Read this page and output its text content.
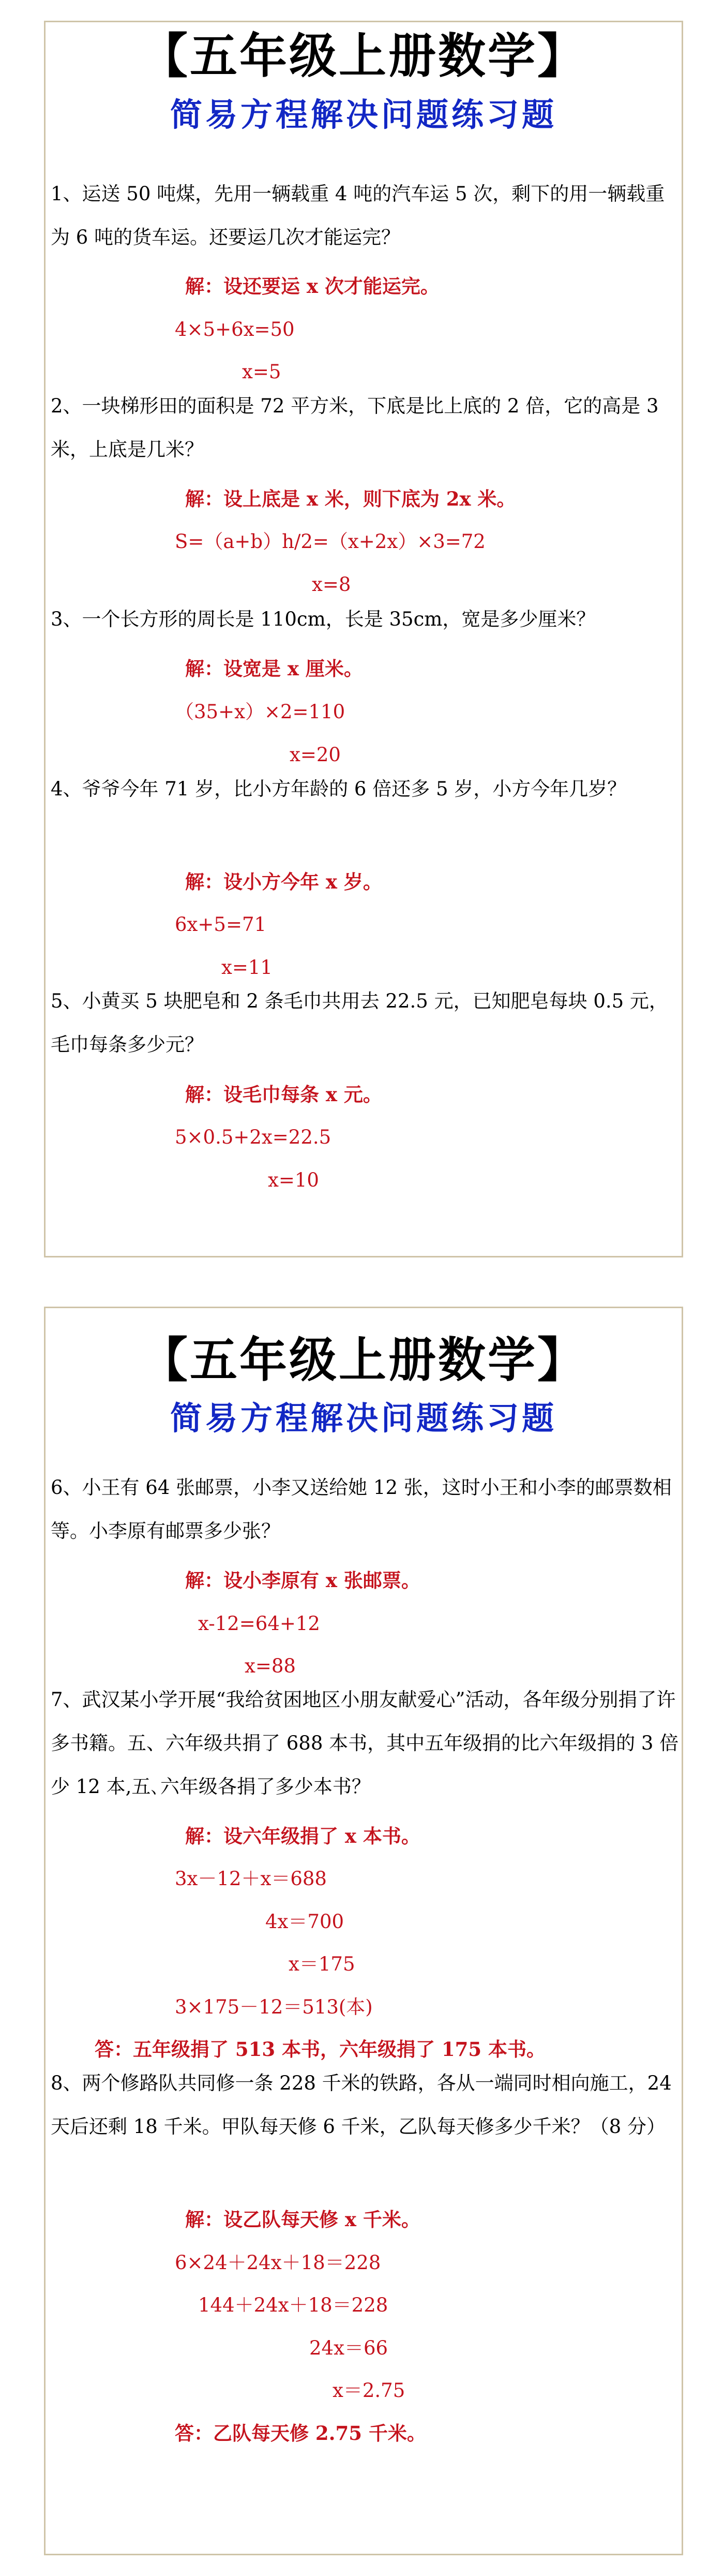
【五年级上册数学】
简易方程解决问题练习题
1、运送 50 吨煤，先用一辆载重 4 吨的汽车运 5 次，剩下的用一辆载重为 6 吨的货车运。还要运几次才能运完？
解：设还要运 x 次才能运完。
4×5+6x=50
x=5
2、一块梯形田的面积是 72 平方米，下底是比上底的 2 倍，它的高是 3 米，上底是几米？
解：设上底是 x 米，则下底为 2x 米。
S=（a+b）h/2=（x+2x）×3=72
x=8
3、一个长方形的周长是 110cm，长是 35cm，宽是多少厘米？
解：设宽是 x 厘米。
（35+x）×2=110
x=20
4、爷爷今年 71 岁，比小方年龄的 6 倍还多 5 岁，小方今年几岁？
解：设小方今年 x 岁。
6x+5=71
x=11
5、小黄买 5 块肥皂和 2 条毛巾共用去 22.5 元，已知肥皂每块 0.5 元，毛巾每条多少元？
解：设毛巾每条 x 元。
5×0.5+2x=22.5
x=10
【五年级上册数学】
简易方程解决问题练习题
6、小王有 64 张邮票，小李又送给她 12 张，这时小王和小李的邮票数相等。小李原有邮票多少张？
解：设小李原有 x 张邮票。
x-12=64+12
x=88
7、武汉某小学开展“我给贫困地区小朋友献爱心”活动，各年级分别捐了许多书籍。五、六年级共捐了 688 本书，其中五年级捐的比六年级捐的 3 倍少 12 本,五､六年级各捐了多少本书？
解：设六年级捐了 x 本书。
3x－12＋x＝688
4x＝700
x＝175
3×175－12＝513(本)
答：五年级捐了 513 本书，六年级捐了 175 本书。
8、两个修路队共同修一条 228 千米的铁路，各从一端同时相向施工，24 天后还剩 18 千米。甲队每天修 6 千米，乙队每天修多少千米？（8 分）
解：设乙队每天修 x 千米。
6×24＋24x＋18＝228
144＋24x＋18＝228
24x＝66
x＝2.75
答：乙队每天修 2.75 千米。
